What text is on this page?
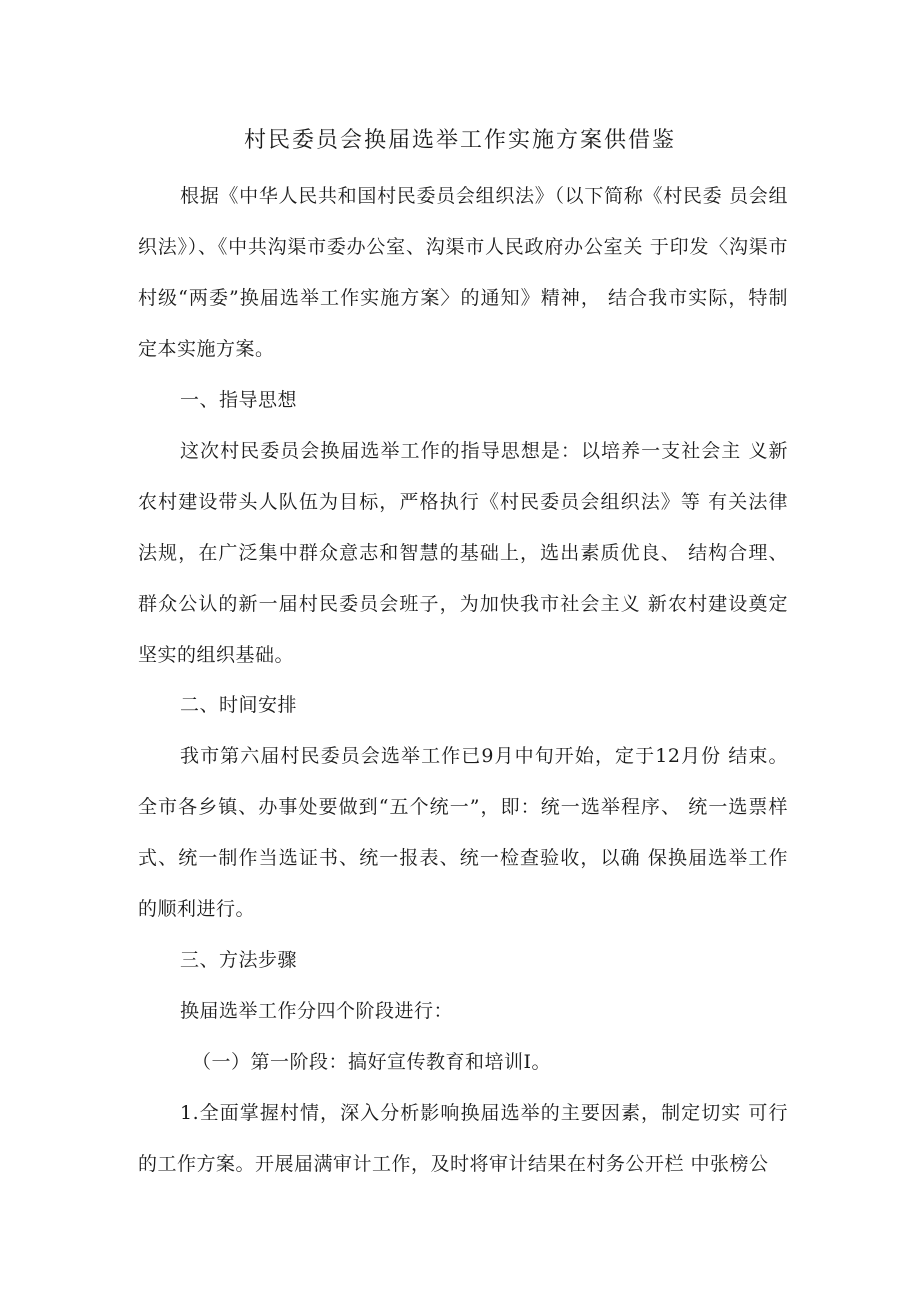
村民委员会换届选举工作实施方案供借鉴

根据《中华人民共和国村民委员会组织法》（以下简称《村民委 员会组织法》）、《中共沟渠市委办公室、沟渠市人民政府办公室关 于印发〈沟渠市村级“两委”换届选举工作实施方案〉的通知》精神， 结合我市实际，特制定本实施方案。

一、指导思想

这次村民委员会换届选举工作的指导思想是：以培养一支社会主 义新农村建设带头人队伍为目标，严格执行《村民委员会组织法》等 有关法律法规，在广泛集中群众意志和智慧的基础上，选出素质优良、 结构合理、群众公认的新一届村民委员会班子，为加快我市社会主义 新农村建设奠定坚实的组织基础。

二、时间安排

我市第六届村民委员会选举工作已9月中旬开始，定于12月份 结束。全市各乡镇、办事处要做到“五个统一”，即：统一选举程序、 统一选票样式、统一制作当选证书、统一报表、统一检查验收，以确 保换届选举工作的顺利进行。

三、方法步骤

换届选举工作分四个阶段进行：

（一）第一阶段：搞好宣传教育和培训I。

1.全面掌握村情，深入分析影响换届选举的主要因素，制定切实 可行的工作方案。开展届满审计工作，及时将审计结果在村务公开栏 中张榜公
